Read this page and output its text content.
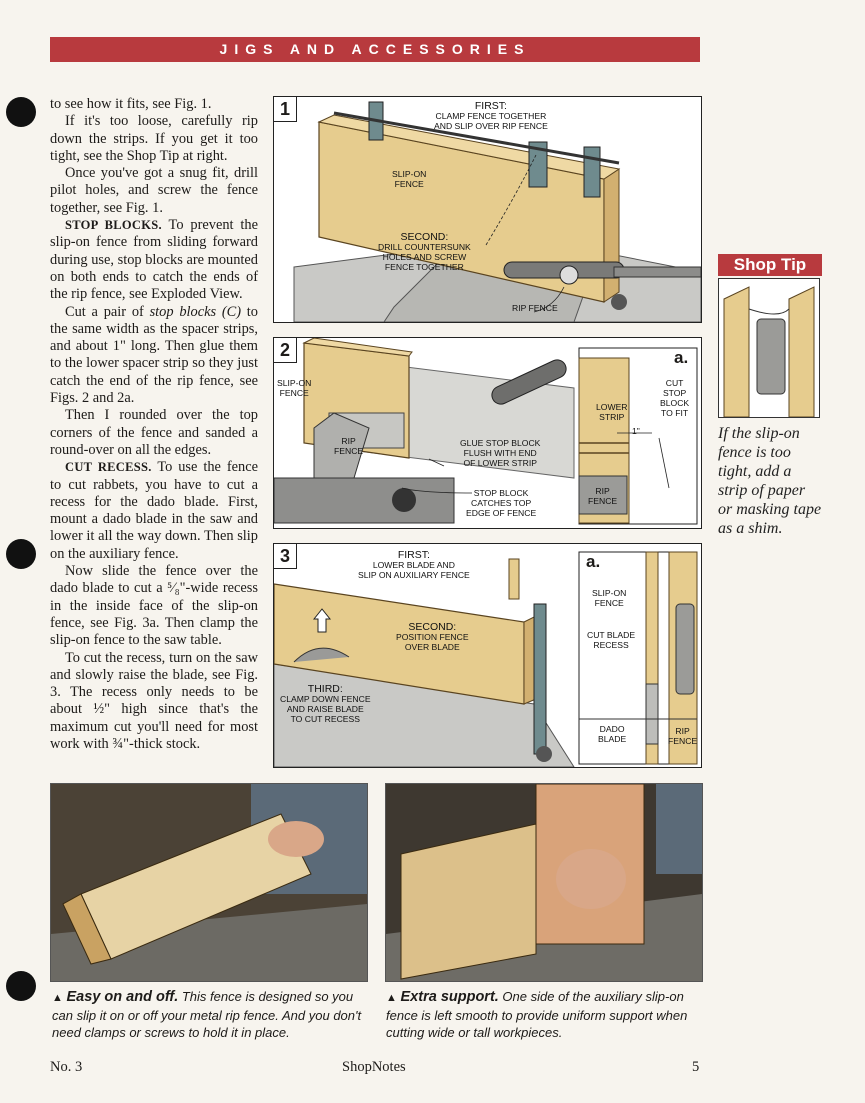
JIGS AND ACCESSORIES

to see how it fits, see Fig. 1.

If it's too loose, carefully rip down the strips. If you get it too tight, see the Shop Tip at right.

Once you've got a snug fit, drill pilot holes, and screw the fence together, see Fig. 1.

STOP BLOCKS. To prevent the slip-on fence from sliding forward during use, stop blocks are mounted on both ends to catch the ends of the rip fence, see Exploded View.

Cut a pair of stop blocks (C) to the same width as the spacer strips, and about 1" long. Then glue them to the lower spacer strip so they just catch the end of the rip fence, see Figs. 2 and 2a.

Then I rounded over the top corners of the fence and sanded a round-over on all the edges.

CUT RECESS. To use the fence to cut rabbets, you have to cut a recess for the dado blade. First, mount a dado blade in the saw and lower it all the way down. Then slip on the auxiliary fence.

Now slide the fence over the dado blade to cut a ⁵⁄₈"-wide recess in the inside face of the slip-on fence, see Fig. 3a. Then clamp the slip-on fence to the saw table.

To cut the recess, turn on the saw and slowly raise the blade, see Fig. 3. The recess only needs to be about ½" high since that's the maximum cut you'll need for most work with ¾"-thick stock.

1	FIRST:
CLAMP FENCE TOGETHER
AND SLIP OVER RIP FENCE
SLIP-ON
FENCE
SECOND:
DRILL COUNTERSUNK
HOLES AND SCREW
FENCE TOGETHER
RIP FENCE
2
SLIP-ON
FENCE
RIP
FENCE
GLUE STOP BLOCK
FLUSH WITH END
OF LOWER STRIP
STOP BLOCK
CATCHES TOP
EDGE OF FENCE
a.
LOWER
STRIP
1"
CUT
STOP
BLOCK
TO FIT
RIP
FENCE
3	FIRST:
LOWER BLADE AND
SLIP ON AUXILIARY FENCE
SECOND:
POSITION FENCE
OVER BLADE
THIRD:
CLAMP DOWN FENCE
AND RAISE BLADE
TO CUT RECESS
a.
SLIP-ON
FENCE
CUT BLADE
RECESS
DADO
BLADE
RIP
FENCE
Shop Tip
If the slip-on fence is too tight, add a strip of paper or masking tape as a shim.
▲ Easy on and off. This fence is designed so you can slip it on or off your metal rip fence. And you don't need clamps or screws to hold it in place.
▲ Extra support. One side of the auxiliary slip-on fence is left smooth to provide uniform support when cutting wide or tall workpieces.
No. 3	ShopNotes	5
